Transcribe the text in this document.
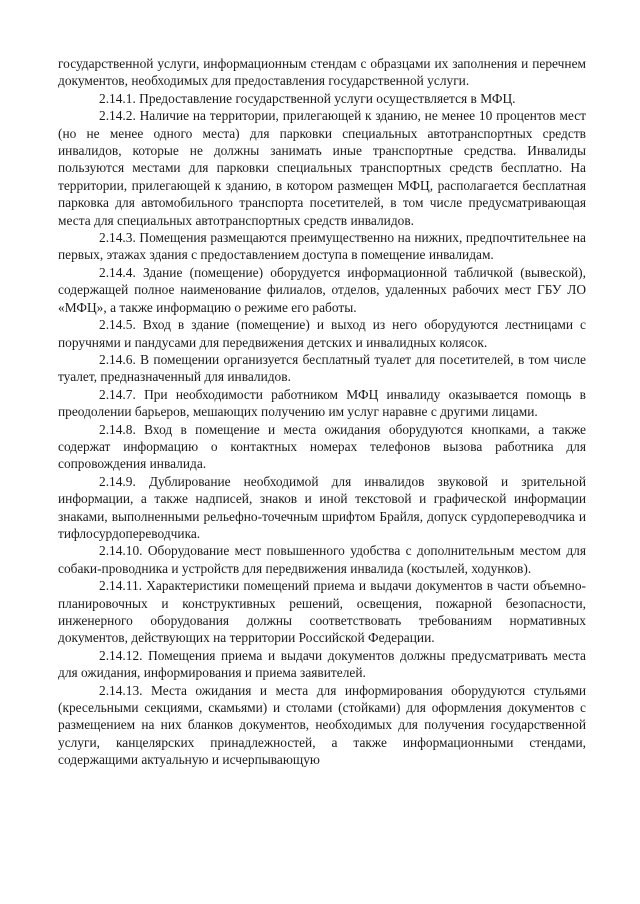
государственной услуги, информационным стендам с образцами их заполнения и перечнем документов, необходимых для предоставления государственной услуги.

2.14.1. Предоставление государственной услуги осуществляется в МФЦ.

2.14.2. Наличие на территории, прилегающей к зданию, не менее 10 процентов мест (но не менее одного места) для парковки специальных автотранспортных средств инвалидов, которые не должны занимать иные транспортные средства. Инвалиды пользуются местами для парковки специальных транспортных средств бесплатно. На территории, прилегающей к зданию, в котором размещен МФЦ, располагается бесплатная парковка для автомобильного транспорта посетителей, в том числе предусматривающая места для специальных автотранспортных средств инвалидов.

2.14.3. Помещения размещаются преимущественно на нижних, предпочтительнее на первых, этажах здания с предоставлением доступа в помещение инвалидам.

2.14.4. Здание (помещение) оборудуется информационной табличкой (вывеской), содержащей полное наименование филиалов, отделов, удаленных рабочих мест ГБУ ЛО «МФЦ», а также информацию о режиме его работы.

2.14.5. Вход в здание (помещение) и выход из него оборудуются лестницами с поручнями и пандусами для передвижения детских и инвалидных колясок.

2.14.6. В помещении организуется бесплатный туалет для посетителей, в том числе туалет, предназначенный для инвалидов.

2.14.7. При необходимости работником МФЦ инвалиду оказывается помощь в преодолении барьеров, мешающих получению им услуг наравне с другими лицами.

2.14.8. Вход в помещение и места ожидания оборудуются кнопками, а также содержат информацию о контактных номерах телефонов вызова работника для сопровождения инвалида.

2.14.9. Дублирование необходимой для инвалидов звуковой и зрительной информации, а также надписей, знаков и иной текстовой и графической информации знаками, выполненными рельефно-точечным шрифтом Брайля, допуск сурдопереводчика и тифлосурдопереводчика.

2.14.10. Оборудование мест повышенного удобства с дополнительным местом для собаки-проводника и устройств для передвижения инвалида (костылей, ходунков).

2.14.11. Характеристики помещений приема и выдачи документов в части объемно-планировочных и конструктивных решений, освещения, пожарной безопасности, инженерного оборудования должны соответствовать требованиям нормативных документов, действующих на территории Российской Федерации.

2.14.12. Помещения приема и выдачи документов должны предусматривать места для ожидания, информирования и приема заявителей.

2.14.13. Места ожидания и места для информирования оборудуются стульями (кресельными секциями, скамьями) и столами (стойками) для оформления документов с размещением на них бланков документов, необходимых для получения государственной услуги, канцелярских принадлежностей, а также информационными стендами, содержащими актуальную и исчерпывающую
